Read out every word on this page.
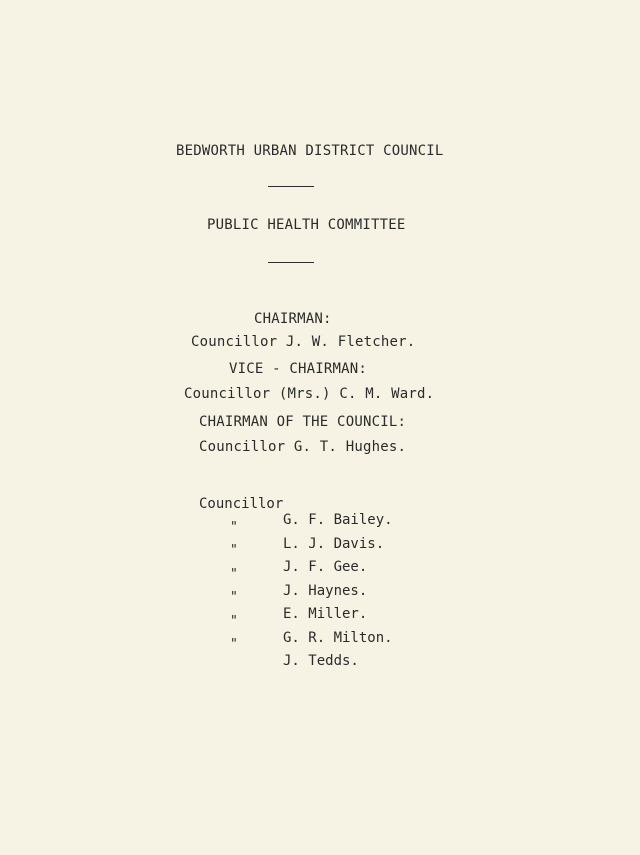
BEDWORTH URBAN DISTRICT COUNCIL
PUBLIC HEALTH COMMITTEE
CHAIRMAN:
Councillor J. W. Fletcher.
VICE - CHAIRMAN:
Councillor (Mrs.) C. M. Ward.
CHAIRMAN OF THE COUNCIL:
Councillor G. T. Hughes.

Councillor

G. F. Bailey.

"

L. J. Davis.

"

J. F. Gee.

"

J. Haynes.

"

E. Miller.

"

G. R. Milton.

"

J. Tedds.
